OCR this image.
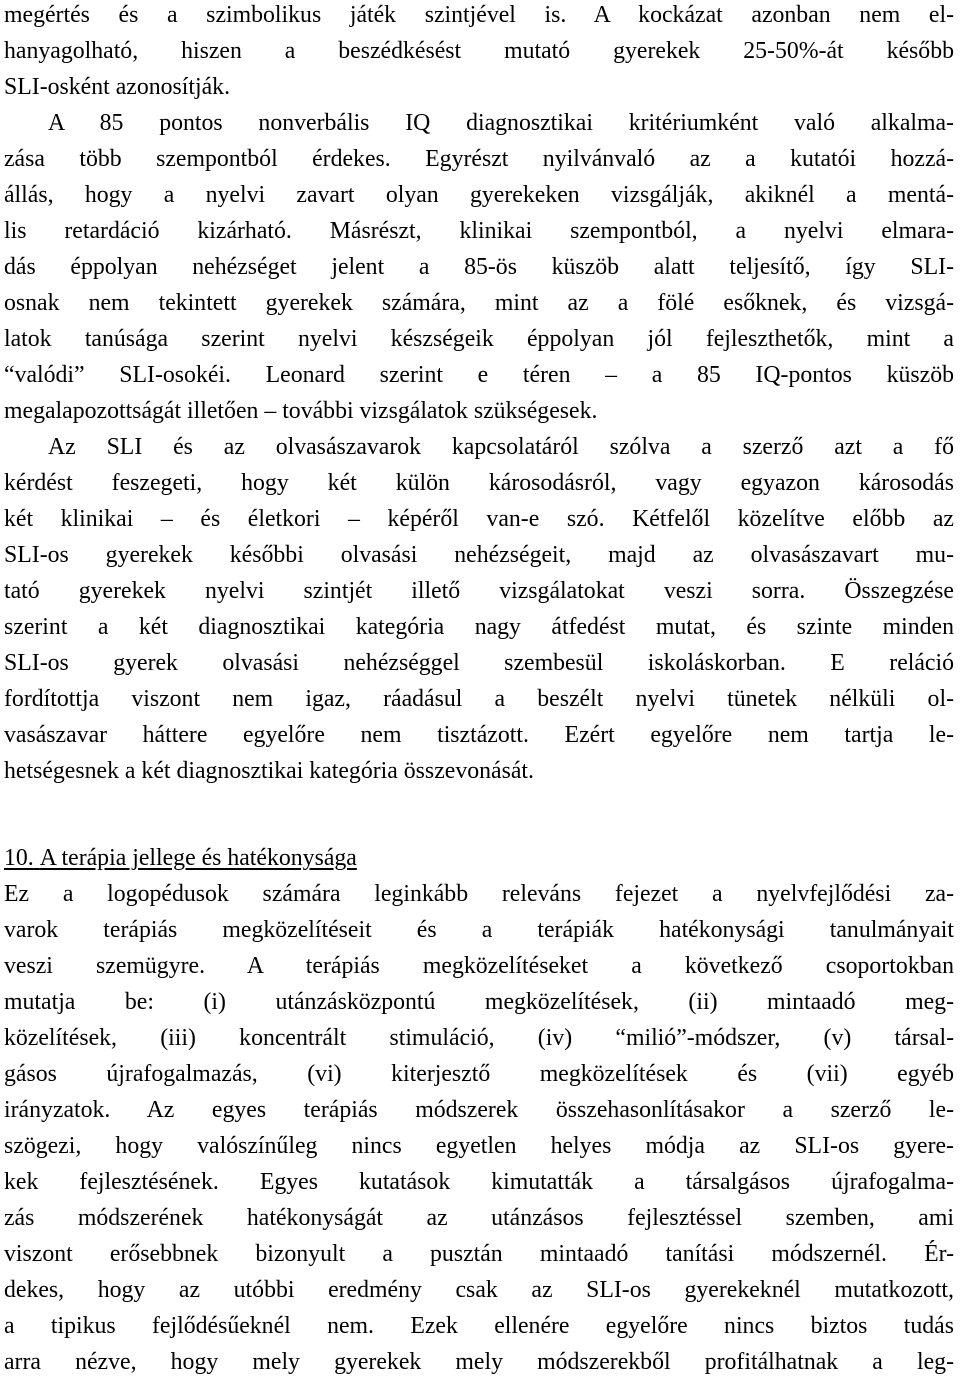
megértés és a szimbolikus játék szintjével is. A kockázat azonban nem el-
hanyagolható, hiszen a beszédkésést mutató gyerekek 25-50%-át később
SLI-osként azonosítják.
A 85 pontos nonverbális IQ diagnosztikai kritériumként való alkalma-
zása több szempontból érdekes. Egyrészt nyilvánvaló az a kutatói hozzá-
állás, hogy a nyelvi zavart olyan gyerekeken vizsgálják, akiknél a mentá-
lis retardáció kizárható. Másrészt, klinikai szempontból, a nyelvi elmara-
dás éppolyan nehézséget jelent a 85-ös küszöb alatt teljesítő, így SLI-
osnak nem tekintett gyerekek számára, mint az a fölé esőknek, és vizsgá-
latok tanúsága szerint nyelvi készségeik éppolyan jól fejleszthetők, mint a
“valódi” SLI-osokéi. Leonard szerint e téren – a 85 IQ-pontos küszöb
megalapozottságát illetően – további vizsgálatok szükségesek.
Az SLI és az olvasászavarok kapcsolatáról szólva a szerző azt a fő
kérdést feszegeti, hogy két külön károsodásról, vagy egyazon károsodás
két klinikai – és életkori – képéről van-e szó. Kétfelől közelítve előbb az
SLI-os gyerekek későbbi olvasási nehézségeit, majd az olvasászavart mu-
tató gyerekek nyelvi szintjét illető vizsgálatokat veszi sorra. Összegzése
szerint a két diagnosztikai kategória nagy átfedést mutat, és szinte minden
SLI-os gyerek olvasási nehézséggel szembesül iskoláskorban. E reláció
fordítottja viszont nem igaz, ráadásul a beszélt nyelvi tünetek nélküli ol-
vasászavar háttere egyelőre nem tisztázott. Ezért egyelőre nem tartja le-
hetségesnek a két diagnosztikai kategória összevonását.
10. A terápia jellege és hatékonysága
Ez a logopédusok számára leginkább releváns fejezet a nyelvfejlődési za-
varok terápiás megközelítéseit és a terápiák hatékonysági tanulmányait
veszi szemügyre. A terápiás megközelítéseket a következő csoportokban
mutatja be: (i) utánzásközpontú megközelítések, (ii) mintaadó meg-
közelítések, (iii) koncentrált stimuláció, (iv) “milió”-módszer, (v) társal-
gásos újrafogalmazás, (vi) kiterjesztő megközelítések és (vii) egyéb
irányzatok. Az egyes terápiás módszerek összehasonlításakor a szerző le-
szögezi, hogy valószínűleg nincs egyetlen helyes módja az SLI-os gyere-
kek fejlesztésének. Egyes kutatások kimutatták a társalgásos újrafogalma-
zás módszerének hatékonyságát az utánzásos fejlesztéssel szemben, ami
viszont erősebbnek bizonyult a pusztán mintaadó tanítási módszernél. Ér-
dekes, hogy az utóbbi eredmény csak az SLI-os gyerekeknél mutatkozott,
a tipikus fejlődésűeknél nem. Ezek ellenére egyelőre nincs biztos tudás
arra nézve, hogy mely gyerekek mely módszerekből profitálhatnak a leg-
